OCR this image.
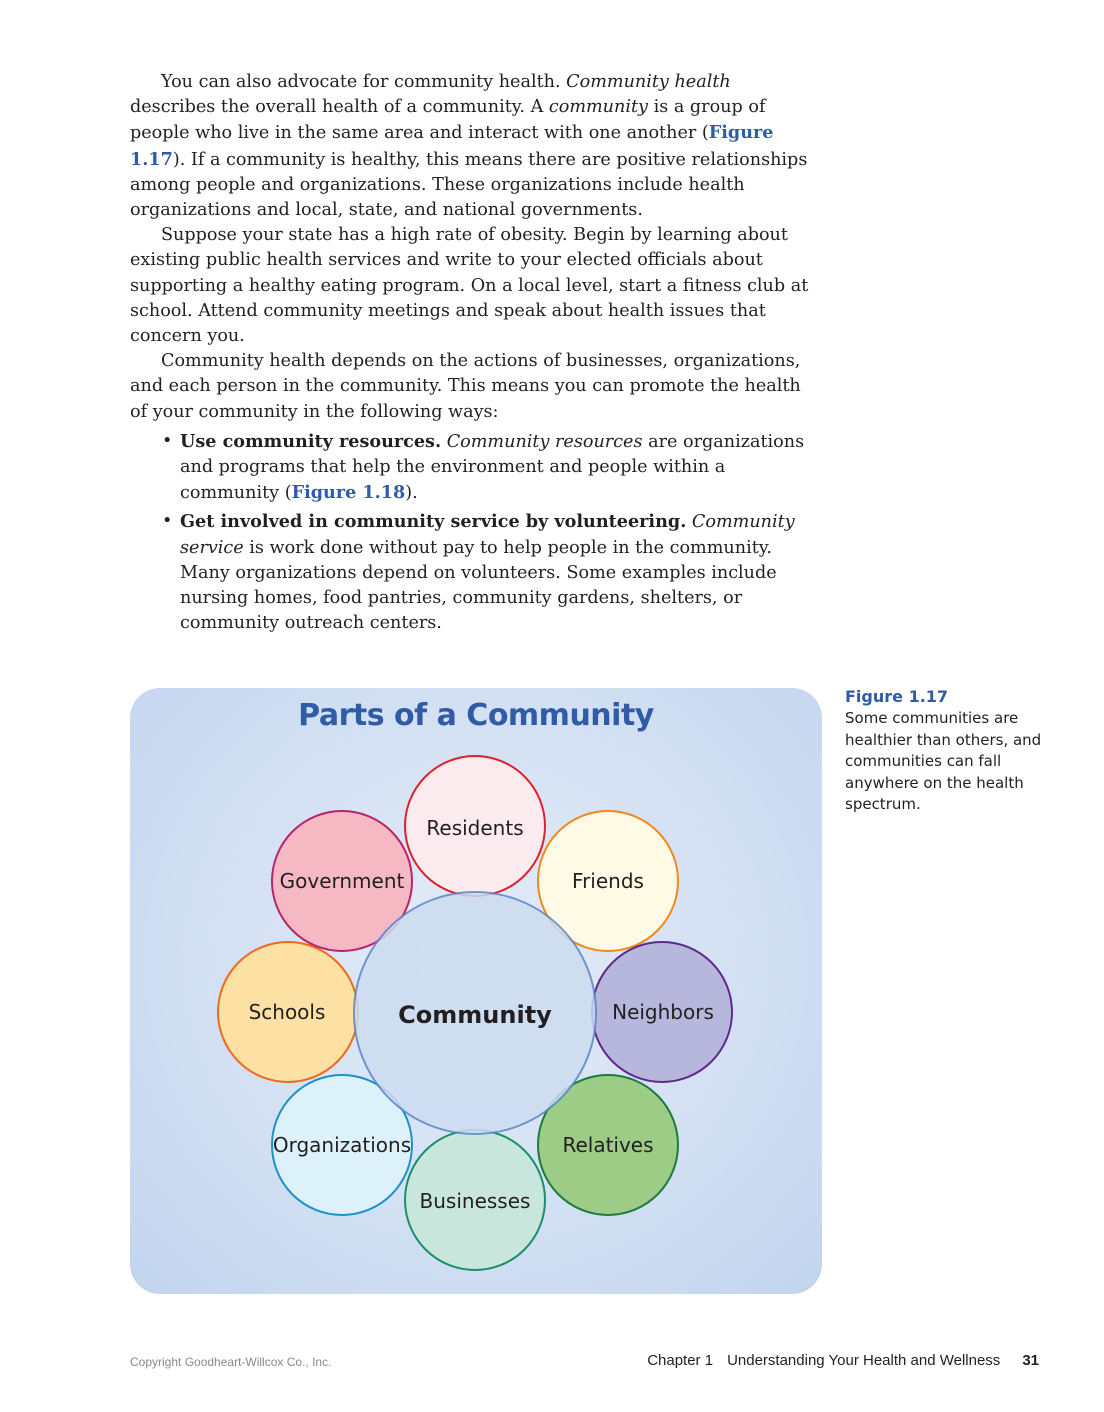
You can also advocate for community health. Community health describes the overall health of a community. A community is a group of people who live in the same area and interact with one another (Figure 1.17). If a community is healthy, this means there are positive relationships among people and organizations. These organizations include health organizations and local, state, and national governments.

Suppose your state has a high rate of obesity. Begin by learning about existing public health services and write to your elected officials about supporting a healthy eating program. On a local level, start a fitness club at school. Attend community meetings and speak about health issues that concern you.

Community health depends on the actions of businesses, organizations, and each person in the community. This means you can promote the health of your community in the following ways:

• Use community resources. Community resources are organizations and programs that help the environment and people within a community (Figure 1.18).
• Get involved in community service by volunteering. Community service is work done without pay to help people in the community. Many organizations depend on volunteers. Some examples include nursing homes, food pantries, community gardens, shelters, or community outreach centers.
Residents
Friends
Neighbors
Relatives
Businesses
Organizations
Schools
Government
Community
Parts of a Community
Figure 1.17
Some communities are healthier than others, and communities can fall anywhere on the health spectrum.
Copyright Goodheart-Willcox Co., Inc.	Chapter 1 Understanding Your Health and Wellness 31
